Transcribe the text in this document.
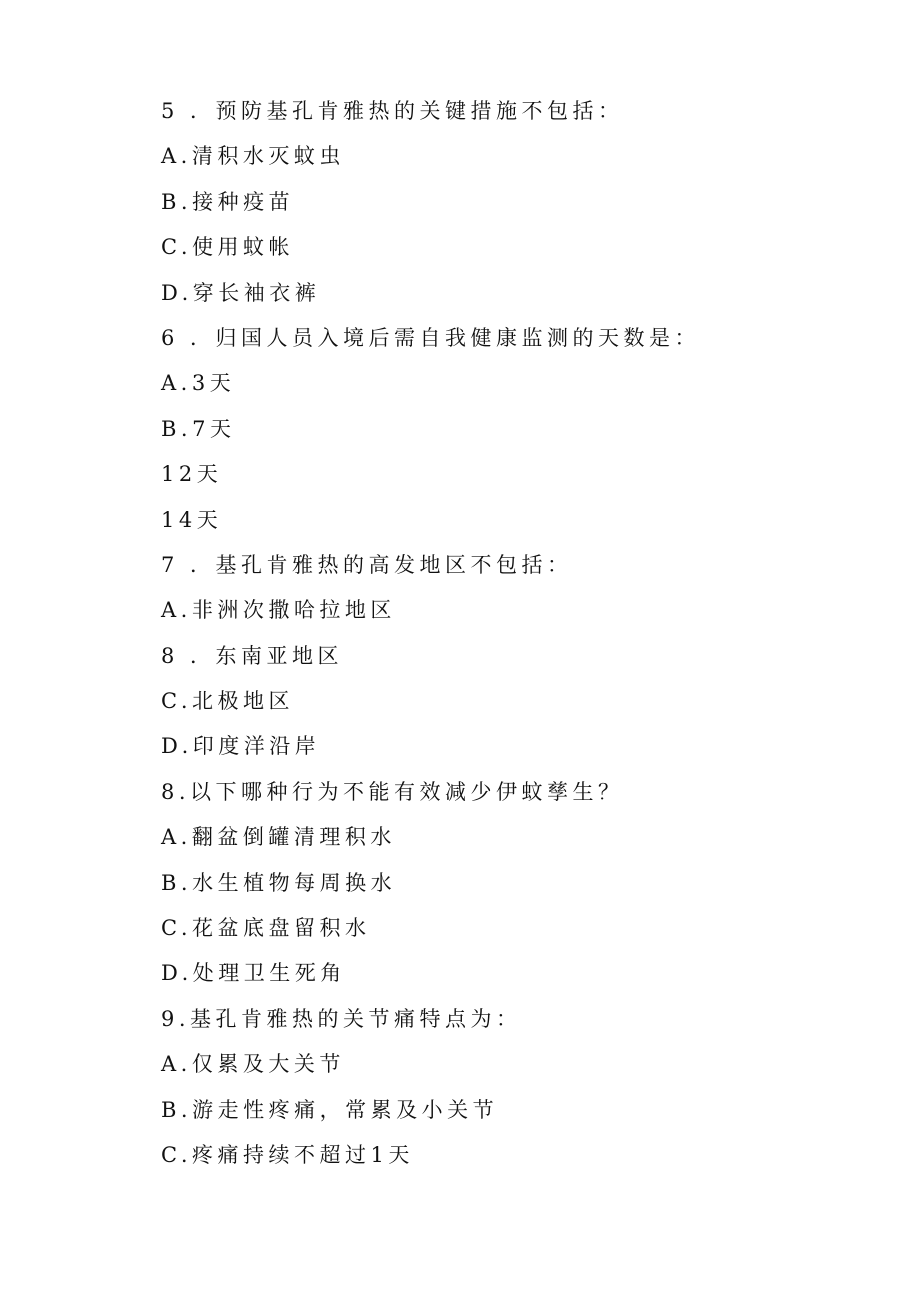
5 ．预防基孔肯雅热的关键措施不包括：
A.清积水灭蚊虫
B.接种疫苗
C.使用蚊帐
D.穿长袖衣裤
6 ．归国人员入境后需自我健康监测的天数是：
A.3天
B.7天
12天
14天
7 ．基孔肯雅热的高发地区不包括：
A.非洲次撒哈拉地区
8 ．东南亚地区
C.北极地区
D.印度洋沿岸
8.以下哪种行为不能有效减少伊蚊孳生？
A.翻盆倒罐清理积水
B.水生植物每周换水
C.花盆底盘留积水
D.处理卫生死角
9.基孔肯雅热的关节痛特点为：
A.仅累及大关节
B.游走性疼痛，常累及小关节
C.疼痛持续不超过1天
